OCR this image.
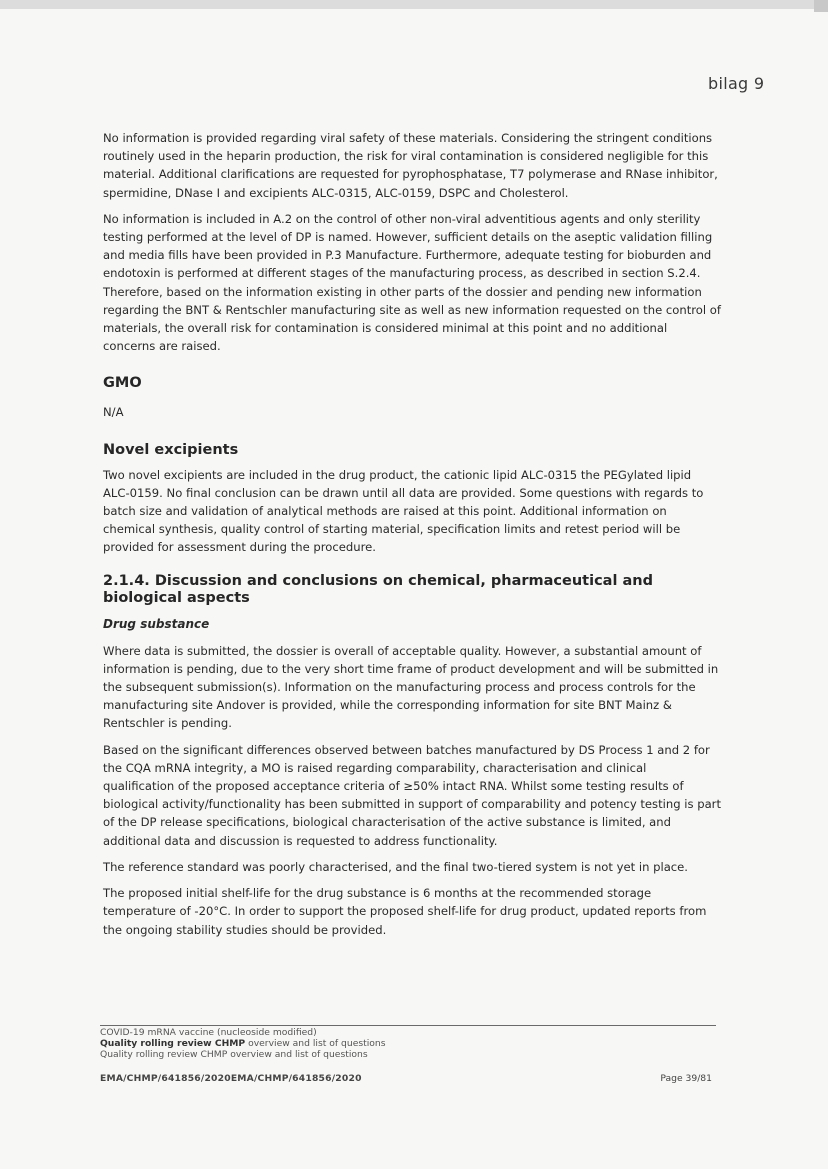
bilag 9

No information is provided regarding viral safety of these materials. Considering the stringent conditions routinely used in the heparin production, the risk for viral contamination is considered negligible for this material. Additional clarifications are requested for pyrophosphatase, T7 polymerase and RNase inhibitor, spermidine, DNase I and excipients ALC-0315, ALC-0159, DSPC and Cholesterol.

No information is included in A.2 on the control of other non-viral adventitious agents and only sterility testing performed at the level of DP is named. However, sufficient details on the aseptic validation filling and media fills have been provided in P.3 Manufacture. Furthermore, adequate testing for bioburden and endotoxin is performed at different stages of the manufacturing process, as described in section S.2.4. Therefore, based on the information existing in other parts of the dossier and pending new information regarding the BNT & Rentschler manufacturing site as well as new information requested on the control of materials, the overall risk for contamination is considered minimal at this point and no additional concerns are raised.

GMO

N/A

Novel excipients

Two novel excipients are included in the drug product, the cationic lipid ALC-0315 the PEGylated lipid ALC-0159. No final conclusion can be drawn until all data are provided. Some questions with regards to batch size and validation of analytical methods are raised at this point. Additional information on chemical synthesis, quality control of starting material, specification limits and retest period will be provided for assessment during the procedure.

2.1.4. Discussion and conclusions on chemical, pharmaceutical and biological aspects
Drug substance

Where data is submitted, the dossier is overall of acceptable quality. However, a substantial amount of information is pending, due to the very short time frame of product development and will be submitted in the subsequent submission(s). Information on the manufacturing process and process controls for the manufacturing site Andover is provided, while the corresponding information for site BNT Mainz & Rentschler is pending.

Based on the significant differences observed between batches manufactured by DS Process 1 and 2 for the CQA mRNA integrity, a MO is raised regarding comparability, characterisation and clinical qualification of the proposed acceptance criteria of ≥50% intact RNA. Whilst some testing results of biological activity/functionality has been submitted in support of comparability and potency testing is part of the DP release specifications, biological characterisation of the active substance is limited, and additional data and discussion is requested to address functionality.

The reference standard was poorly characterised, and the final two-tiered system is not yet in place.

The proposed initial shelf-life for the drug substance is 6 months at the recommended storage temperature of -20°C. In order to support the proposed shelf-life for drug product, updated reports from the ongoing stability studies should be provided.

COVID-19 mRNA vaccine (nucleoside modified)
Quality rolling review CHMP overview and list of questions
Quality rolling review CHMP overview and list of questions
EMA/CHMP/641856/2020EMA/CHMP/641856/2020	Page 39/81
